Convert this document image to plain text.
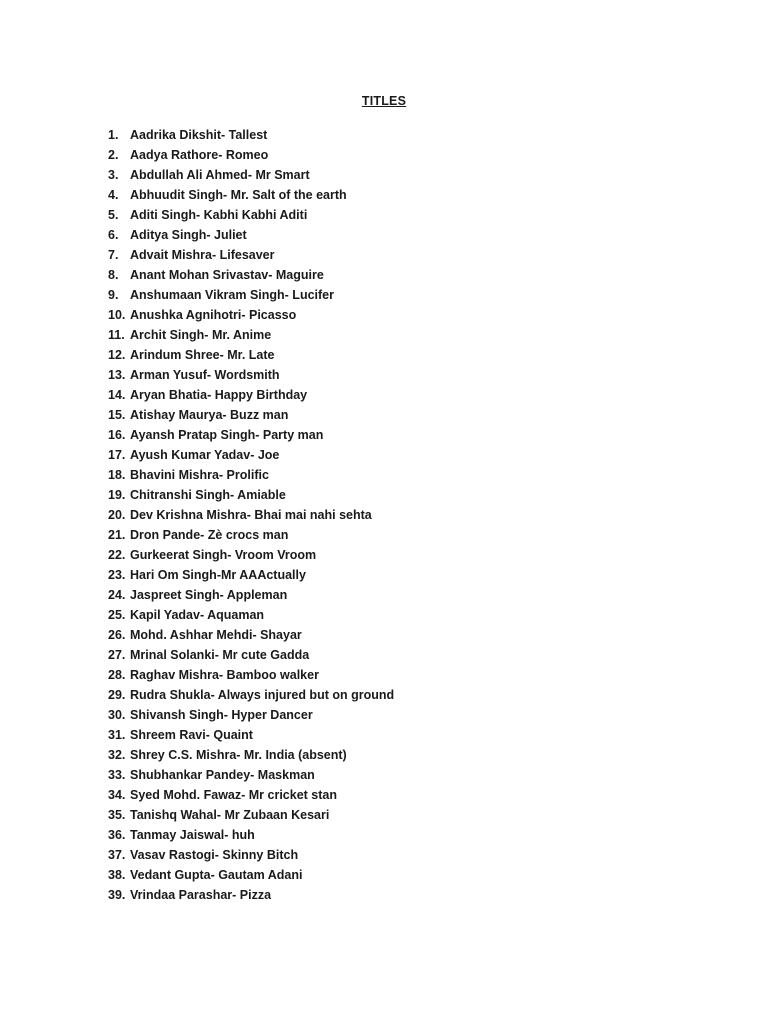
TITLES
1. Aadrika Dikshit- Tallest
2. Aadya Rathore- Romeo
3. Abdullah Ali Ahmed- Mr Smart
4. Abhuudit Singh- Mr. Salt of the earth
5. Aditi Singh- Kabhi Kabhi Aditi
6. Aditya Singh- Juliet
7. Advait Mishra- Lifesaver
8. Anant Mohan Srivastav- Maguire
9. Anshumaan Vikram Singh- Lucifer
10. Anushka Agnihotri- Picasso
11. Archit Singh- Mr. Anime
12. Arindum Shree- Mr. Late
13. Arman Yusuf- Wordsmith
14. Aryan Bhatia- Happy Birthday
15. Atishay Maurya- Buzz man
16. Ayansh Pratap Singh- Party man
17. Ayush Kumar Yadav- Joe
18. Bhavini Mishra- Prolific
19. Chitranshi Singh- Amiable
20. Dev Krishna Mishra- Bhai mai nahi sehta
21. Dron Pande- Zè crocs man
22. Gurkeerat Singh- Vroom Vroom
23. Hari Om Singh-Mr AAActually
24. Jaspreet Singh- Appleman
25. Kapil Yadav- Aquaman
26. Mohd. Ashhar Mehdi- Shayar
27. Mrinal Solanki- Mr cute Gadda
28. Raghav Mishra- Bamboo walker
29. Rudra Shukla- Always injured but on ground
30. Shivansh Singh- Hyper Dancer
31. Shreem Ravi- Quaint
32. Shrey C.S. Mishra- Mr. India (absent)
33. Shubhankar Pandey- Maskman
34. Syed Mohd. Fawaz- Mr cricket stan
35. Tanishq Wahal- Mr Zubaan Kesari
36. Tanmay Jaiswal- huh
37. Vasav Rastogi- Skinny Bitch
38. Vedant Gupta- Gautam Adani
39. Vrindaa Parashar- Pizza
